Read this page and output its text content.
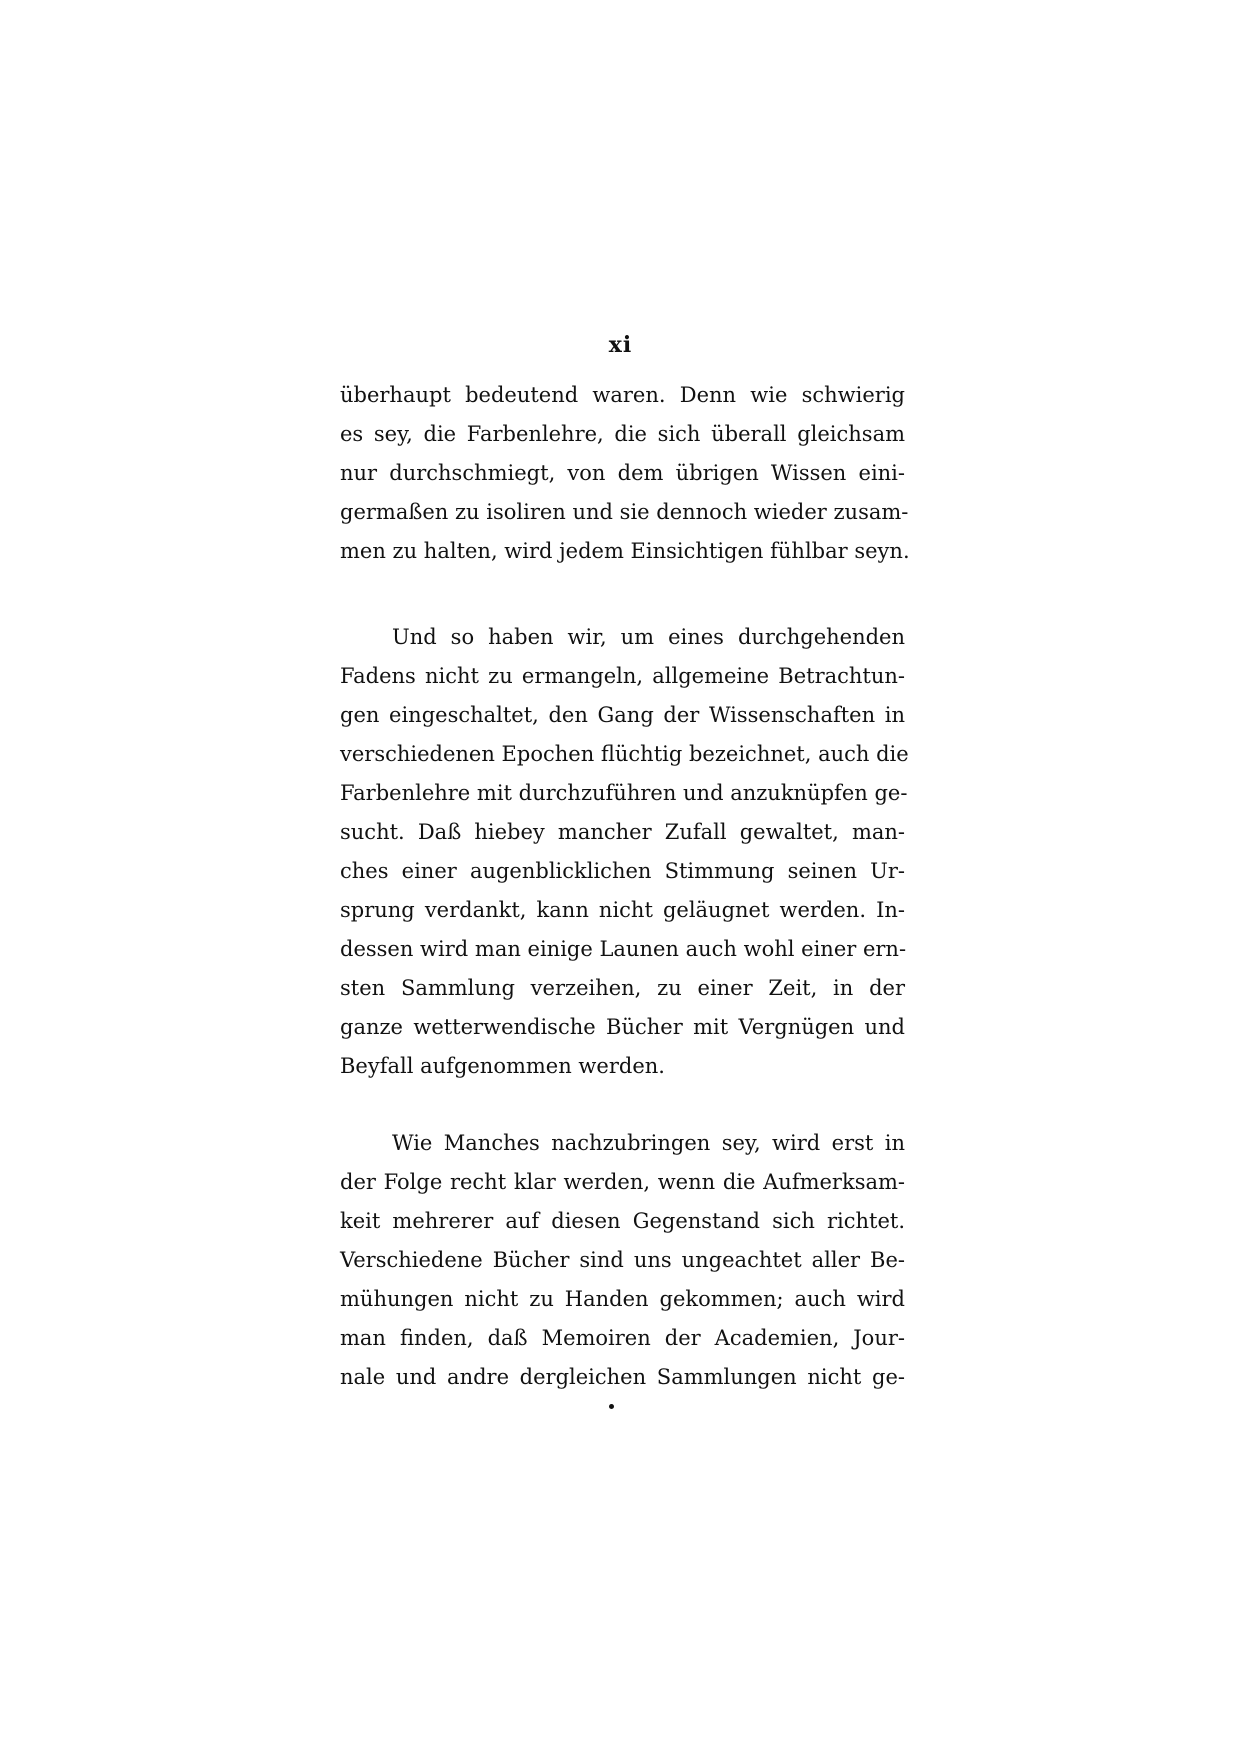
xi
überhaupt bedeutend waren. Denn wie schwierig
es sey, die Farbenlehre, die sich überall gleichsam
nur durchschmiegt, von dem übrigen Wissen eini-
germaßen zu isoliren und sie dennoch wieder zusam-
men zu halten, wird jedem Einsichtigen fühlbar seyn.
Und so haben wir, um eines durchgehenden
Fadens nicht zu ermangeln, allgemeine Betrachtun-
gen eingeschaltet, den Gang der Wissenschaften in
verschiedenen Epochen flüchtig bezeichnet, auch die
Farbenlehre mit durchzuführen und anzuknüpfen ge-
sucht. Daß hiebey mancher Zufall gewaltet, man-
ches einer augenblicklichen Stimmung seinen Ur-
sprung verdankt, kann nicht geläugnet werden. In-
dessen wird man einige Launen auch wohl einer ern-
sten Sammlung verzeihen, zu einer Zeit, in der
ganze wetterwendische Bücher mit Vergnügen und
Beyfall aufgenommen werden.
Wie Manches nachzubringen sey, wird erst in
der Folge recht klar werden, wenn die Aufmerksam-
keit mehrerer auf diesen Gegenstand sich richtet.
Verschiedene Bücher sind uns ungeachtet aller Be-
mühungen nicht zu Handen gekommen; auch wird
man finden, daß Memoiren der Academien, Jour-
nale und andre dergleichen Sammlungen nicht ge-
